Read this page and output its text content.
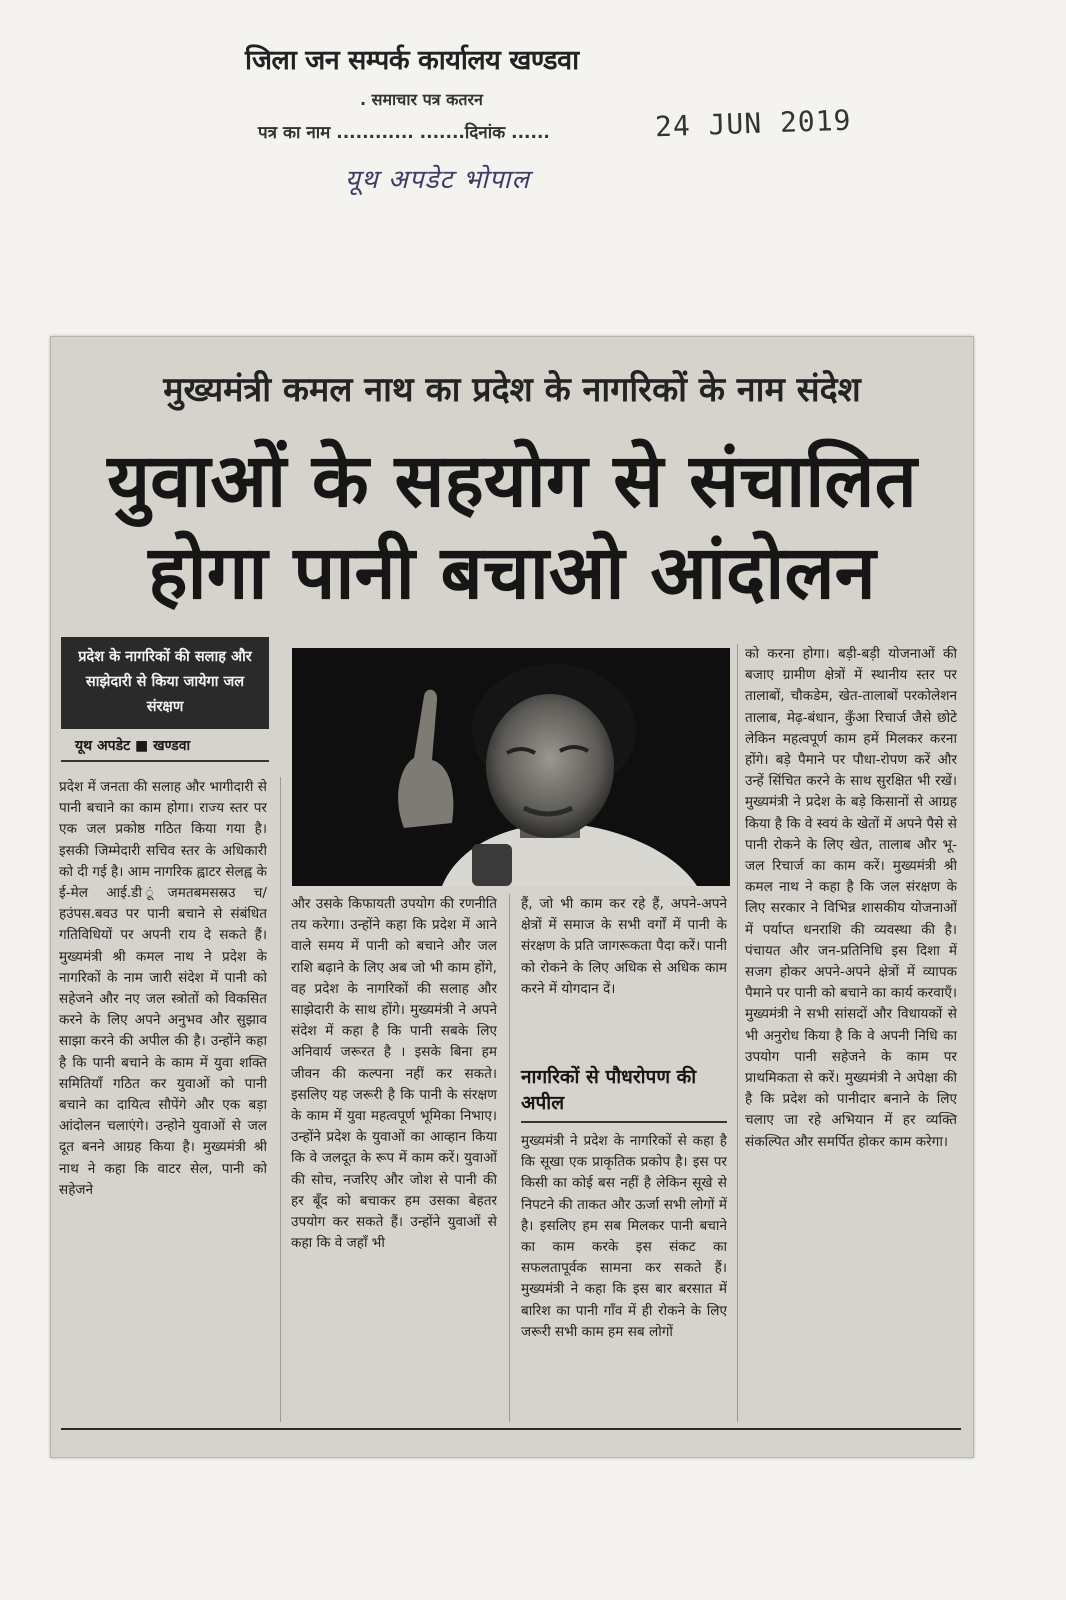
जिला जन सम्पर्क कार्यालय खण्डवा
. समाचार पत्र कतरन
पत्र का नाम ............ .......दिनांक ......	24 JUN 2019
यूथ अपडेट भोपाल
मुख्यमंत्री कमल नाथ का प्रदेश के नागरिकों के नाम संदेश
युवाओं के सहयोग से संचालित
होगा पानी बचाओ आंदोलन
प्रदेश के नागरिकों की सलाह और साझेदारी से किया जायेगा जल संरक्षण
यूथ अपडेट ■ खण्डवा
प्रदेश में जनता की सलाह और भागीदारी से पानी बचाने का काम होगा। राज्य स्तर पर एक जल प्रकोष्ठ गठित किया गया है। इसकी जिम्मेदारी सचिव स्तर के अधिकारी को दी गई है। आम नागरिक ह्वाटर सेलह्व के ई-मेल आई.डी ूंजमतबमसस्रउ च/ हउंपस.बवउ पर पानी बचाने से संबंधित गतिविधियों पर अपनी राय दे सकते हैं। मुख्यमंत्री श्री कमल नाथ ने प्रदेश के नागरिकों के नाम जारी संदेश में पानी को सहेजने और नए जल स्त्रोतों को विकसित करने के लिए अपने अनुभव और सुझाव साझा करने की अपील की है। उन्होंने कहा है कि पानी बचाने के काम में युवा शक्ति समितियाँ गठित कर युवाओं को पानी बचाने का दायित्व सौपेंगे और एक बड़ा आंदोलन चलाएंगे। उन्होने युवाओं से जल दूत बनने आग्रह किया है। मुख्यमंत्री श्री नाथ ने कहा कि वाटर सेल, पानी को सहेजने
और उसके किफायती उपयोग की रणनीति तय करेगा। उन्होंने कहा कि प्रदेश में आने वाले समय में पानी को बचाने और जल राशि बढ़ाने के लिए अब जो भी काम होंगे, वह प्रदेश के नागरिकों की सलाह और साझेदारी के साथ होंगे। मुख्यमंत्री ने अपने संदेश में कहा है कि पानी सबके लिए अनिवार्य जरूरत है । इसके बिना हम जीवन की कल्पना नहीं कर सकते। इसलिए यह जरूरी है कि पानी के संरक्षण के काम में युवा महत्वपूर्ण भूमिका निभाए। उन्होंने प्रदेश के युवाओं का आव्हान किया कि वे जलदूत के रूप में काम करें। युवाओं की सोच, नजरिए और जोश से पानी की हर बूँद को बचाकर हम उसका बेहतर उपयोग कर सकते हैं। उन्होंने युवाओं से कहा कि वे जहाँ भी
हैं, जो भी काम कर रहे हैं, अपने-अपने क्षेत्रों में समाज के सभी वर्गों में पानी के संरक्षण के प्रति जागरूकता पैदा करें। पानी को रोकने के लिए अधिक से अधिक काम करने में योगदान दें।
नागरिकों से पौधरोपण की अपील
मुख्यमंत्री ने प्रदेश के नागरिकों से कहा है कि सूखा एक प्राकृतिक प्रकोप है। इस पर किसी का कोई बस नहीं है लेकिन सूखे से निपटने की ताकत और ऊर्जा सभी लोगों में है। इसलिए हम सब मिलकर पानी बचाने का काम करके इस संकट का सफलतापूर्वक सामना कर सकते हैं। मुख्यमंत्री ने कहा कि इस बार बरसात में बारिश का पानी गाँव में ही रोकने के लिए जरूरी सभी काम हम सब लोगों
को करना होगा। बड़ी-बड़ी योजनाओं की बजाए ग्रामीण क्षेत्रों में स्थानीय स्तर पर तालाबों, चौकडेम, खेत-तालाबों परकोलेशन तालाब, मेढ़-बंधान, कुँआ रिचार्ज जैसे छोटे लेकिन महत्वपूर्ण काम हमें मिलकर करना होंगे। बड़े पैमाने पर पौधा-रोपण करें और उन्हें सिंचित करने के साथ सुरक्षित भी रखें। मुख्यमंत्री ने प्रदेश के बड़े किसानों से आग्रह किया है कि वे स्वयं के खेतों में अपने पैसे से पानी रोकने के लिए खेत, तालाब और भू-जल रिचार्ज का काम करें। मुख्यमंत्री श्री कमल नाथ ने कहा है कि जल संरक्षण के लिए सरकार ने विभिन्न शासकीय योजनाओं में पर्याप्त धनराशि की व्यवस्था की है। पंचायत और जन-प्रतिनिधि इस दिशा में सजग होकर अपने-अपने क्षेत्रों में व्यापक पैमाने पर पानी को बचाने का कार्य करवाएँ। मुख्यमंत्री ने सभी सांसदों और विधायकों से भी अनुरोध किया है कि वे अपनी निधि का उपयोग पानी सहेजने के काम पर प्राथमिकता से करें। मुख्यमंत्री ने अपेक्षा की है कि प्रदेश को पानीदार बनाने के लिए चलाए जा रहे अभियान में हर व्यक्ति संकल्पित और समर्पित होकर काम करेगा।
